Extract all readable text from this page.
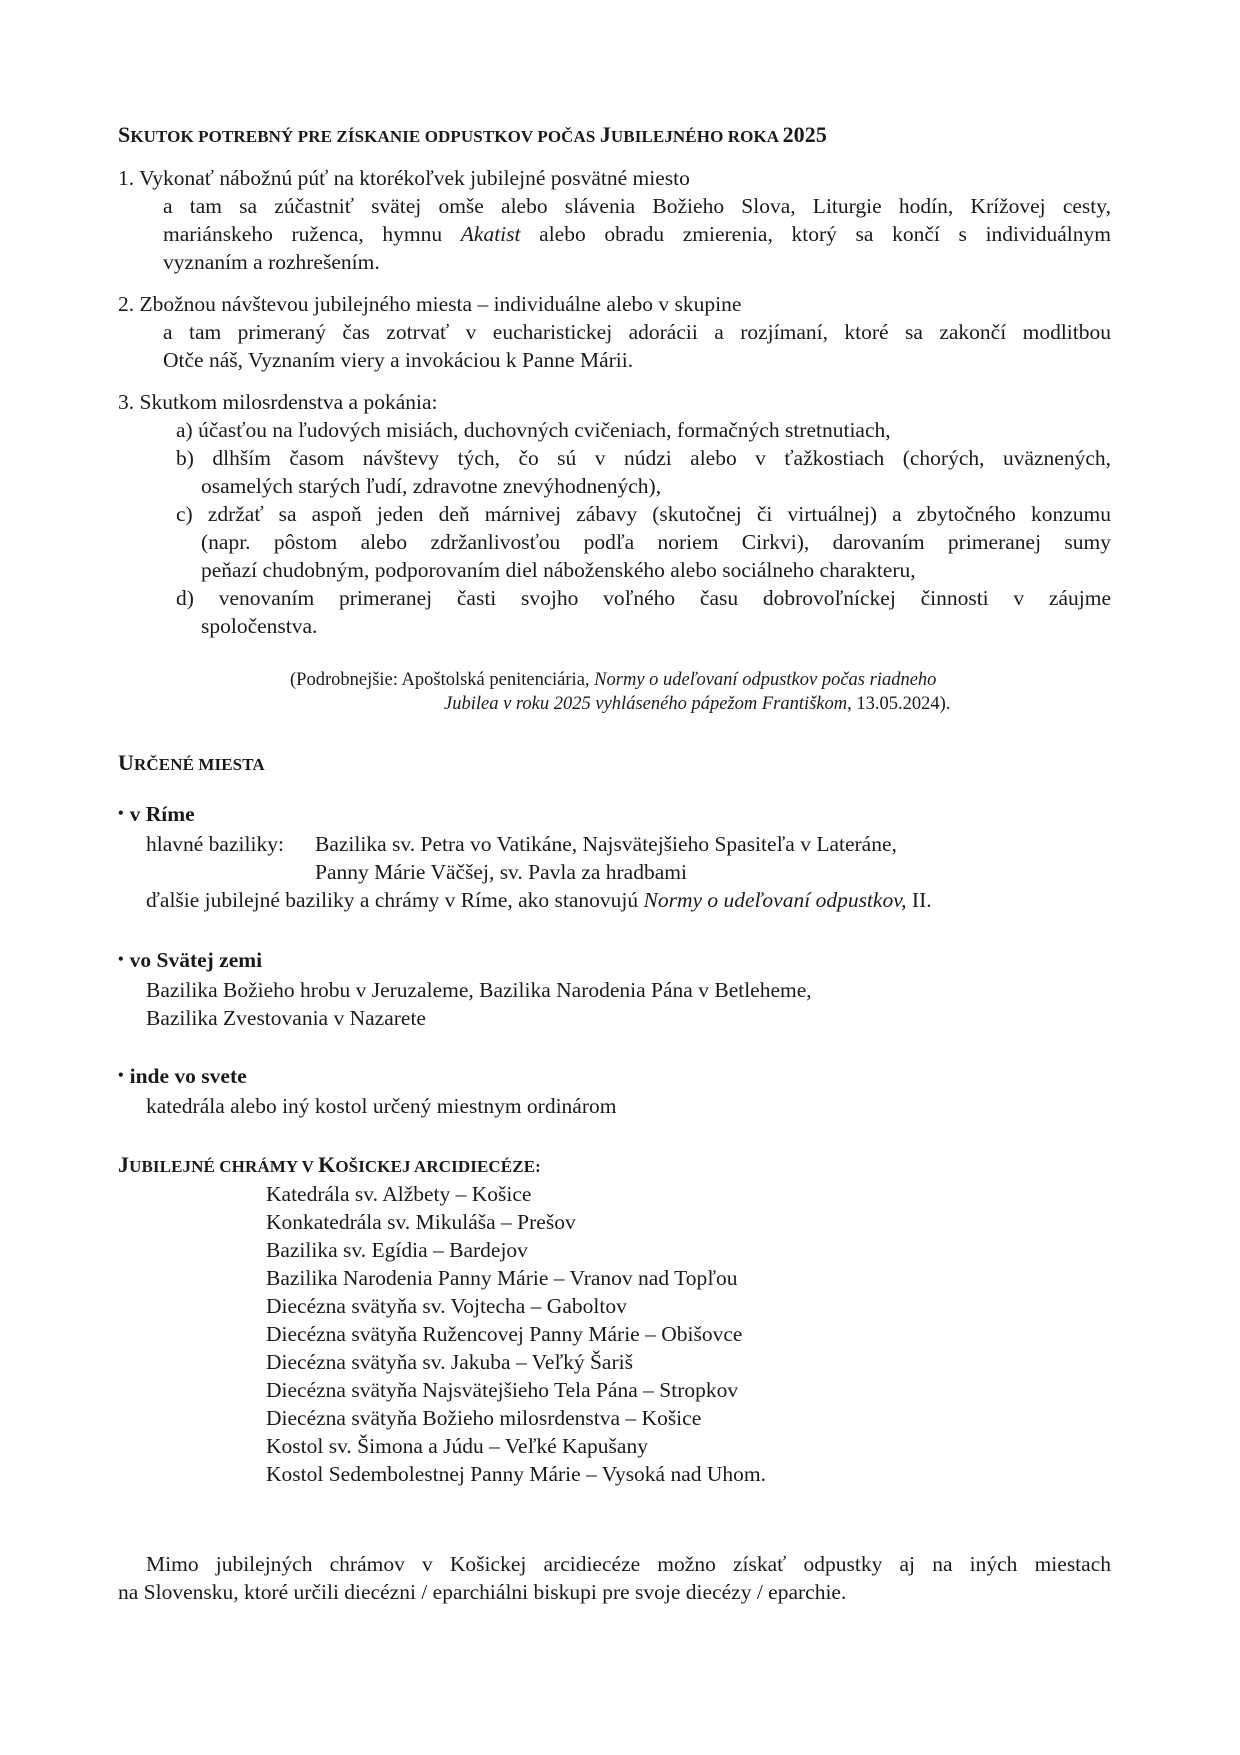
SKUTOK POTREBNÝ PRE ZÍSKANIE ODPUSTKOV POČAS JUBILEJNÉHO ROKA 2025
1. Vykonať nábožnú púť na ktorékoľvek jubilejné posvätné miesto
a tam sa zúčastniť svätej omše alebo slávenia Božieho Slova, Liturgie hodín, Krížovej cesty,
mariánskeho ruženca, hymnu Akatist alebo obradu zmierenia, ktorý sa končí s individuálnym
vyznaním a rozhrešením.
2. Zbožnou návštevou jubilejného miesta – individuálne alebo v skupine
a tam primeraný čas zotrvať v eucharistickej adorácii a rozjímaní, ktoré sa zakončí modlitbou
Otče náš, Vyznaním viery a invokáciou k Panne Márii.
3. Skutkom milosrdenstva a pokánia:
a) účasťou na ľudových misiách, duchovných cvičeniach, formačných stretnutiach,
b) dlhším časom návštevy tých, čo sú v núdzi alebo v ťažkostiach (chorých, uväznených,
osamelých starých ľudí, zdravotne znevýhodnených),
c) zdržať sa aspoň jeden deň márnivej zábavy (skutočnej či virtuálnej) a zbytočného konzumu
(napr. pôstom alebo zdržanlivosťou podľa noriem Cirkvi), darovaním primeranej sumy
peňazí chudobným, podporovaním diel náboženského alebo sociálneho charakteru,
d) venovaním primeranej časti svojho voľného času dobrovoľníckej činnosti v záujme
spoločenstva.
(Podrobnejšie: Apoštolská penitenciária, Normy o udeľovaní odpustkov počas riadneho
Jubilea v roku 2025 vyhláseného pápežom Františkom, 13.05.2024).
URČENÉ MIESTA
• v Ríme
hlavné baziliky: Bazilika sv. Petra vo Vatikáne, Najsvätejšieho Spasiteľa v Lateráne,
Panny Márie Väčšej, sv. Pavla za hradbami
ďalšie jubilejné baziliky a chrámy v Ríme, ako stanovujú Normy o udeľovaní odpustkov, II.
• vo Svätej zemi
Bazilika Božieho hrobu v Jeruzaleme, Bazilika Narodenia Pána v Betleheme,
Bazilika Zvestovania v Nazarete
• inde vo svete
katedrála alebo iný kostol určený miestnym ordinárom
JUBILEJNÉ CHRÁMY V KOŠICKEJ ARCIDIECÉZE:
Katedrála sv. Alžbety – Košice
Konkatedrála sv. Mikuláša – Prešov
Bazilika sv. Egídia – Bardejov
Bazilika Narodenia Panny Márie – Vranov nad Topľou
Diecézna svätyňa sv. Vojtecha – Gaboltov
Diecézna svätyňa Ružencovej Panny Márie – Obišovce
Diecézna svätyňa sv. Jakuba – Veľký Šariš
Diecézna svätyňa Najsvätejšieho Tela Pána – Stropkov
Diecézna svätyňa Božieho milosrdenstva – Košice
Kostol sv. Šimona a Júdu – Veľké Kapušany
Kostol Sedembolestnej Panny Márie – Vysoká nad Uhom.
Mimo jubilejných chrámov v Košickej arcidiecéze možno získať odpustky aj na iných miestach
na Slovensku, ktoré určili diecézni / eparchiálni biskupi pre svoje diecézy / eparchie.
